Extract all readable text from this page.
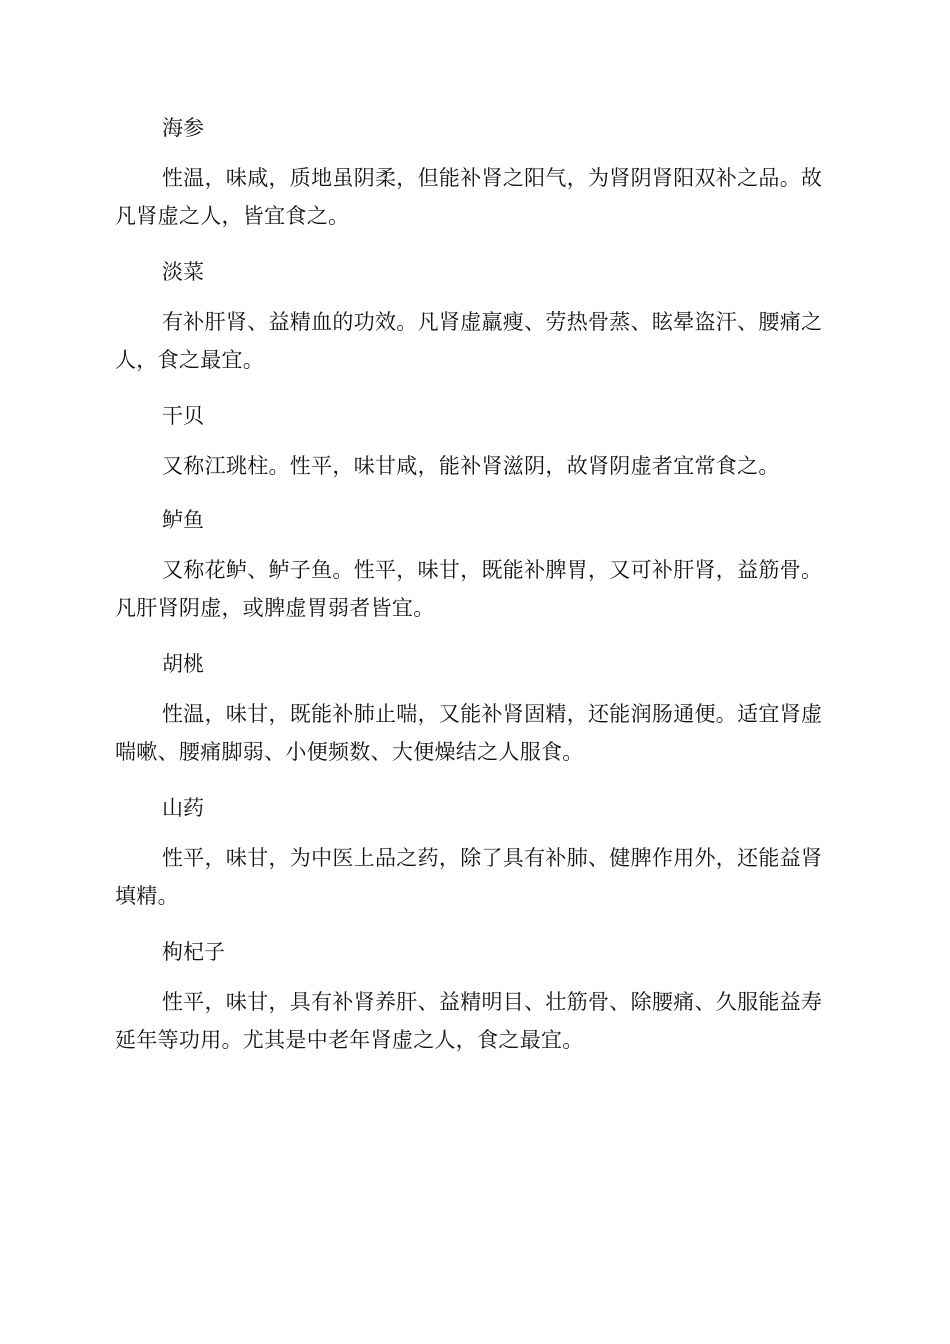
海参

性温，味咸，质地虽阴柔，但能补肾之阳气，为肾阴肾阳双补之品。故凡肾虚之人，皆宜食之。

淡菜

有补肝肾、益精血的功效。凡肾虚羸瘦、劳热骨蒸、眩晕盗汗、腰痛之人，食之最宜。

干贝

又称江珧柱。性平，味甘咸，能补肾滋阴，故肾阴虚者宜常食之。

鲈鱼

又称花鲈、鲈子鱼。性平，味甘，既能补脾胃，又可补肝肾，益筋骨。凡肝肾阴虚，或脾虚胃弱者皆宜。

胡桃

性温，味甘，既能补肺止喘，又能补肾固精，还能润肠通便。适宜肾虚喘嗽、腰痛脚弱、小便频数、大便燥结之人服食。

山药

性平，味甘，为中医上品之药，除了具有补肺、健脾作用外，还能益肾填精。

枸杞子

性平，味甘，具有补肾养肝、益精明目、壮筋骨、除腰痛、久服能益寿延年等功用。尤其是中老年肾虚之人，食之最宜。
